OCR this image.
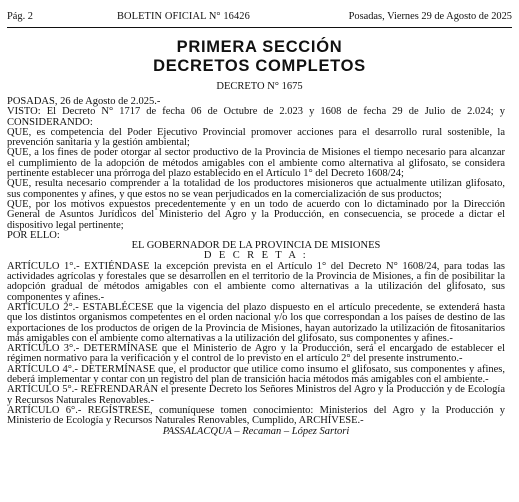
Pág. 2	BOLETIN OFICIAL N° 16426	Posadas, Viernes 29 de Agosto de 2025
PRIMERA SECCIÓN
DECRETOS COMPLETOS
DECRETO N° 1675

POSADAS, 26 de Agosto de 2.025.-

VISTO: El Decreto N° 1717 de fecha 06 de Octubre de 2.023 y 1608 de fecha 29 de Julio de 2.024; y CONSIDERANDO:

QUE, es competencia del Poder Ejecutivo Provincial promover acciones para el desarrollo rural sostenible, la prevención sanitaria y la gestión ambiental;

QUE, a los fines de poder otorgar al sector productivo de la Provincia de Misiones el tiempo necesario para alcanzar el cumplimiento de la adopción de métodos amigables con el ambiente como alternativa al glifosato, se considera pertinente establecer una prórroga del plazo establecido en el Artículo 1° del Decreto 1608/24;

QUE, resulta necesario comprender a la totalidad de los productores misioneros que actualmente utilizan glifosato, sus componentes y afines, y que estos no se vean perjudicados en la comercialización de sus productos;

QUE, por los motivos expuestos precedentemente y en un todo de acuerdo con lo dictaminado por la Dirección General de Asuntos Jurídicos del Ministerio del Agro y la Producción, en consecuencia, se procede a dictar el dispositivo legal pertinente;

POR ELLO:

EL GOBERNADOR DE LA PROVINCIA DE MISIONES

D E C R E T A :

ARTÍCULO 1°.- EXTIÉNDASE la excepción prevista en el Artículo 1° del Decreto N° 1608/24, para todas las actividades agrícolas y forestales que se desarrollen en el territorio de la Provincia de Misiones, a fin de posibilitar la adopción gradual de métodos amigables con el ambiente como alternativas a la utilización del glifosato, sus componentes y afines.-

ARTÍCULO 2°.- ESTABLÉCESE que la vigencia del plazo dispuesto en el artículo precedente, se extenderá hasta que los distintos organismos competentes en el orden nacional y/o los que correspondan a los países de destino de las exportaciones de los productos de origen de la Provincia de Misiones, hayan autorizado la utilización de fitosanitarios más amigables con el ambiente como alternativas a la utilización del glifosato, sus componentes y afines.-

ARTÍCULO 3°.- DETERMÍNASE que el Ministerio de Agro y la Producción, será el encargado de establecer el régimen normativo para la verificación y el control de lo previsto en el artículo 2° del presente instrumento.-

ARTÍCULO 4°.- DETERMÍNASE que, el productor que utilice como insumo el glifosato, sus componentes y afines, deberá implementar y contar con un registro del plan de transición hacia métodos más amigables con el ambiente.-

ARTÍCULO 5°.- REFRENDARÁN el presente Decreto los Señores Ministros del Agro y la Producción y de Ecología y Recursos Naturales Renovables.-

ARTÍCULO 6°.- REGÍSTRESE, comuníquese tomen conocimiento: Ministerios del Agro y la Producción y Ministerio de Ecología y Recursos Naturales Renovables, Cumplido, ARCHÍVESE.-

PASSALACQUA – Recaman – López Sartori
